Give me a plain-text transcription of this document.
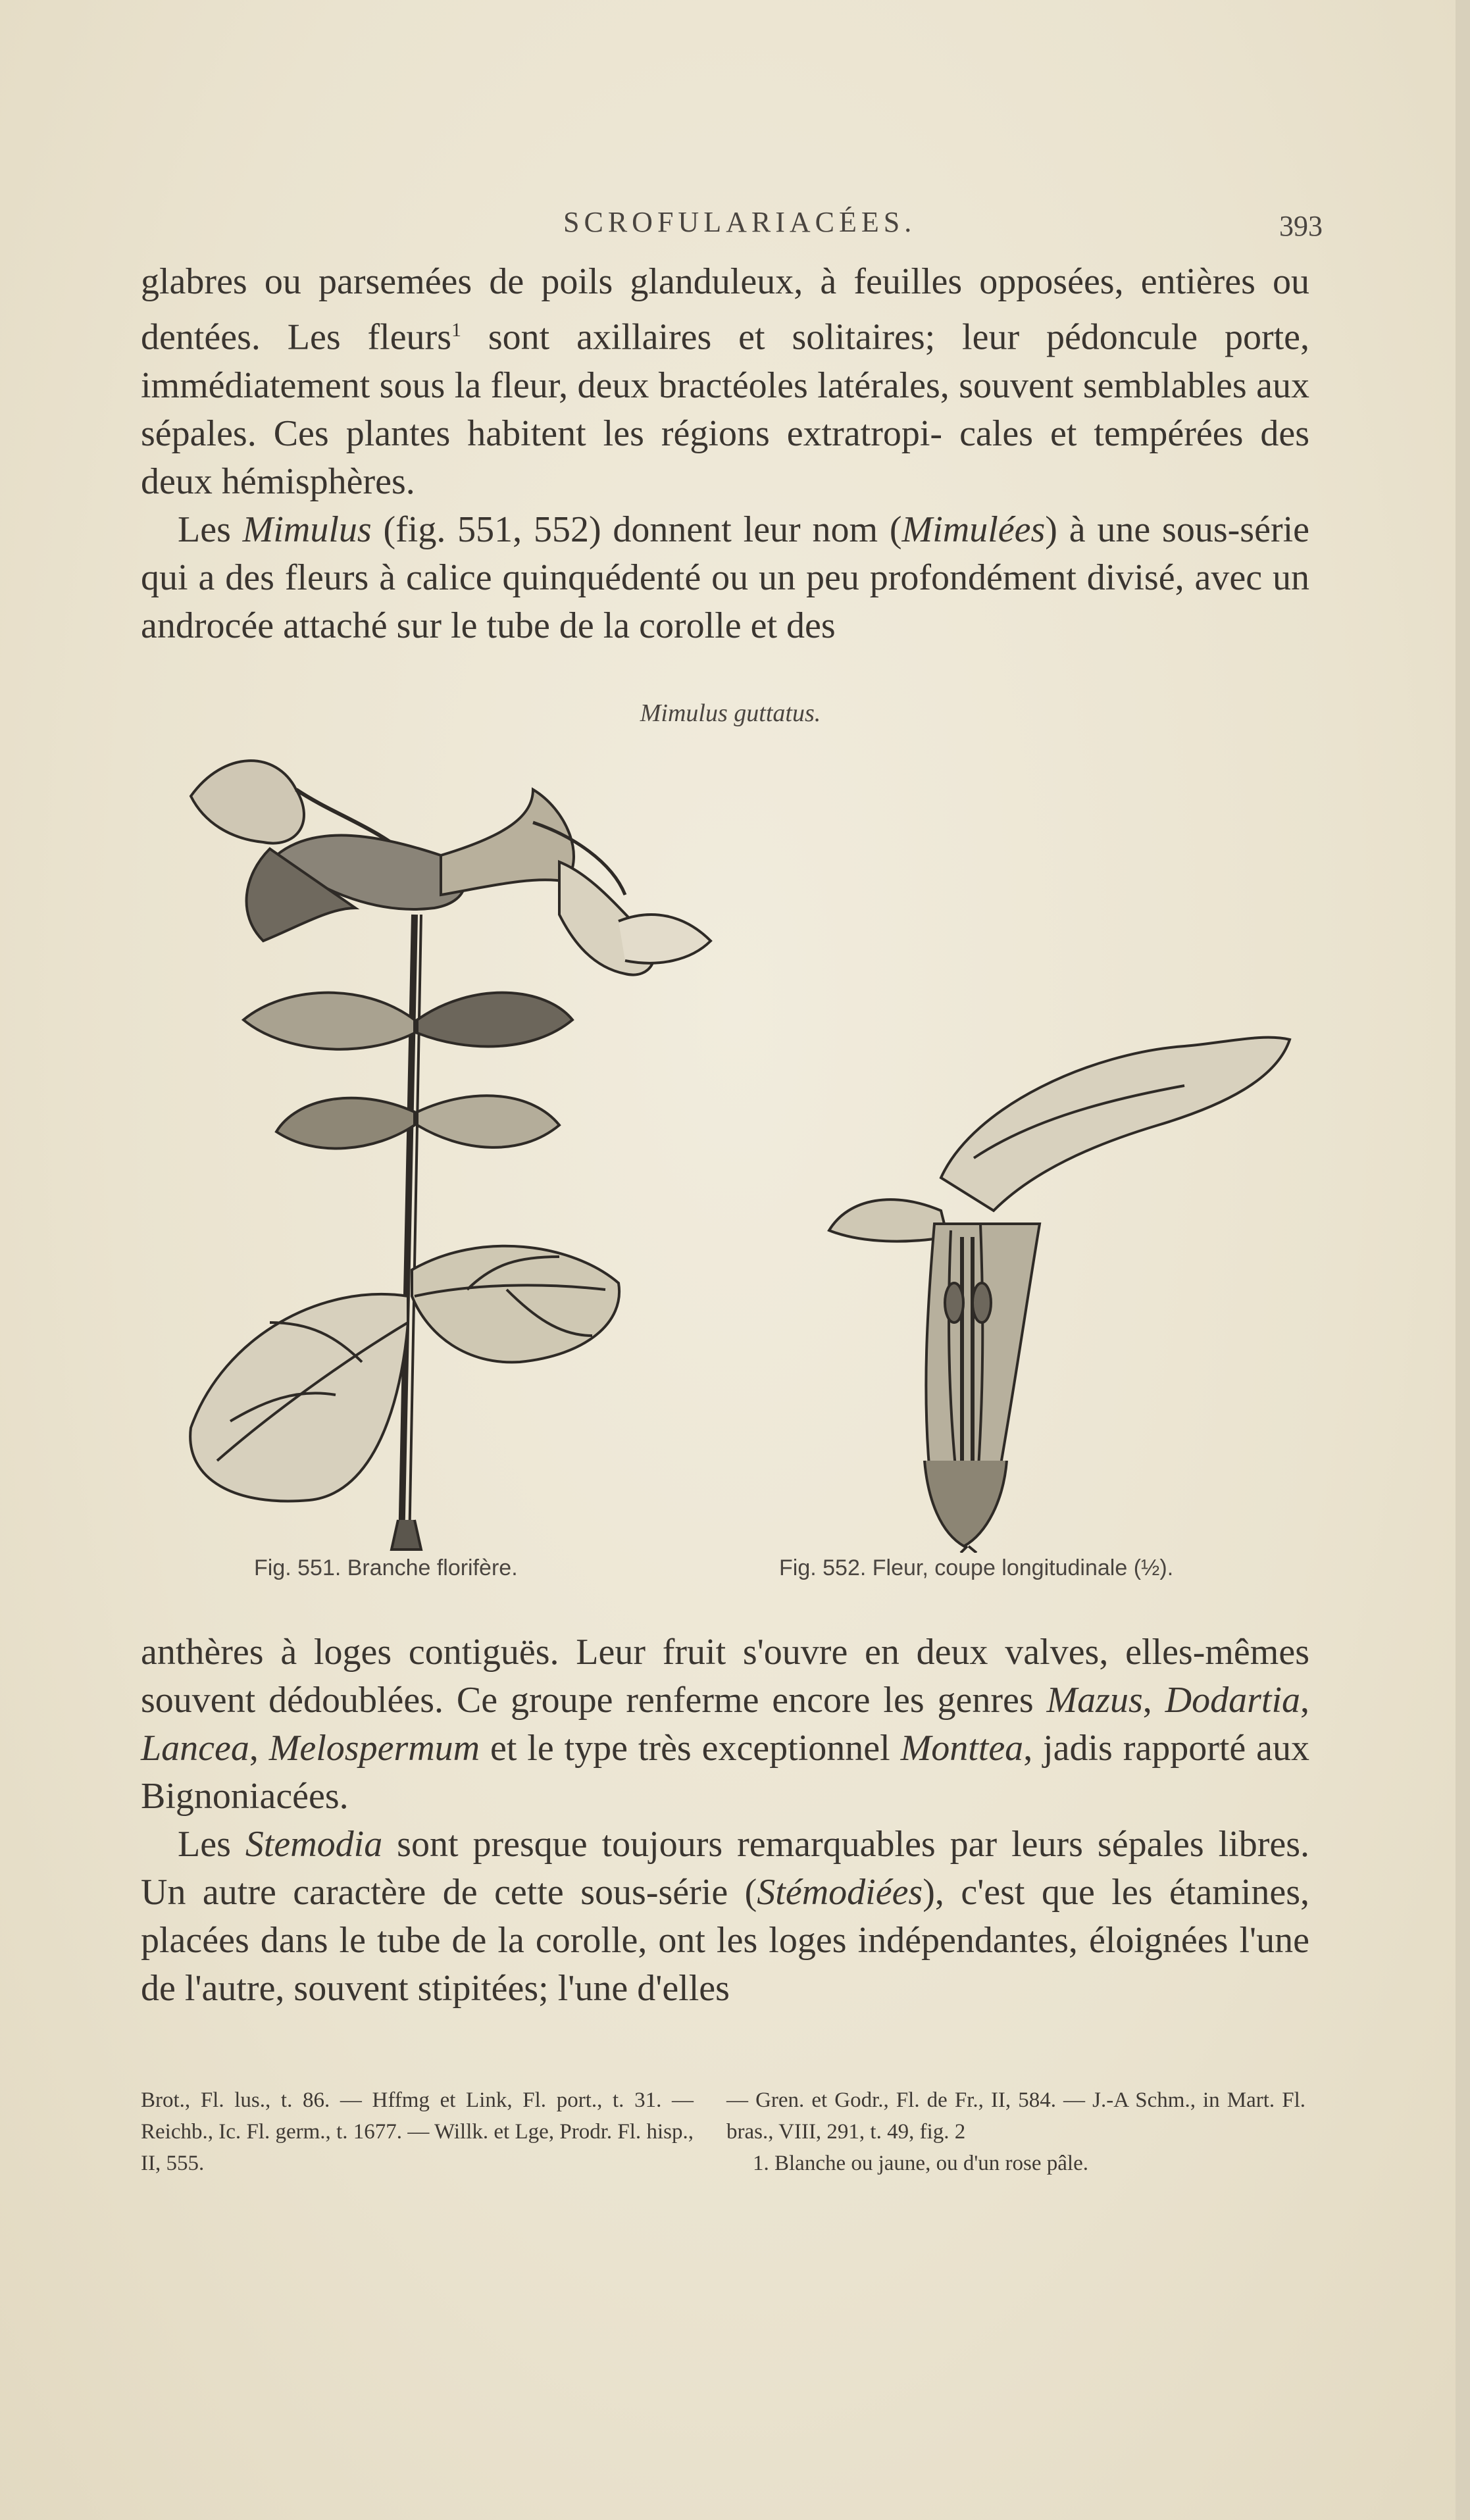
SCROFULARIACÉES.	393

glabres ou parsemées de poils glanduleux, à feuilles opposées, entières ou dentées. Les fleurs$^1$ sont axillaires et solitaires; leur pédoncule porte, immédiatement sous la fleur, deux bractéoles latérales, souvent semblables aux sépales. Ces plantes habitent les régions extratropi- cales et tempérées des deux hémisphères.

Les Mimulus (fig. 551, 552) donnent leur nom (Mimulées) à une sous-série qui a des fleurs à calice quinquédenté ou un peu profondément divisé, avec un androcée attaché sur le tube de la corolle et des

Mimulus guttatus.
Fig. 551. Branche florifère.	Fig. 552. Fleur, coupe longitudinale (½).

anthères à loges contiguës. Leur fruit s'ouvre en deux valves, elles-mêmes souvent dédoublées. Ce groupe renferme encore les genres Mazus, Dodartia, Lancea, Melospermum et le type très exceptionnel Monttea, jadis rapporté aux Bignoniacées.

Les Stemodia sont presque toujours remarquables par leurs sépales libres. Un autre caractère de cette sous-série (Stémodiées), c'est que les étamines, placées dans le tube de la corolle, ont les loges indépendantes, éloignées l'une de l'autre, souvent stipitées; l'une d'elles

Brot., Fl. lus., t. 86. — Hffmg et Link, Fl. port., t. 31. — Reichb., Ic. Fl. germ., t. 1677. — Willk. et Lge, Prodr. Fl. hisp., II, 555.
— Gren. et Godr., Fl. de Fr., II, 584. — J.-A Schm., in Mart. Fl. bras., VIII, 291, t. 49, fig. 2
1. Blanche ou jaune, ou d'un rose pâle.
